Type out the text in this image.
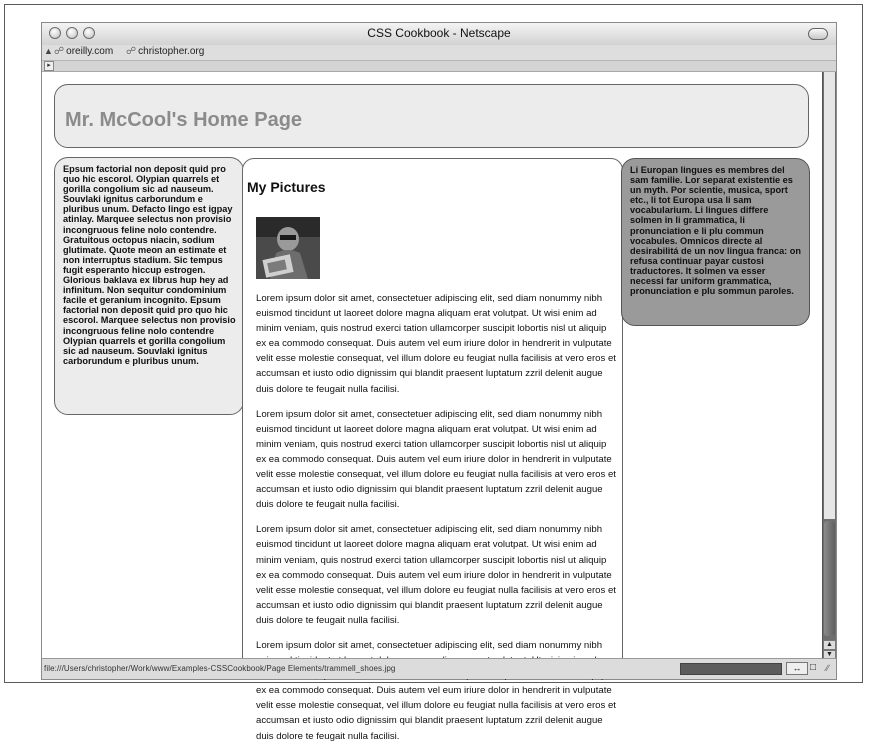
CSS Cookbook - Netscape
▲ ☍ oreilly.com ☍ christopher.org
▸
Mr. McCool's Home Page

Epsum factorial non deposit quid pro quo hic escorol. Olypian quarrels et gorilla congolium sic ad nauseum. Souvlaki ignitus carborundum e pluribus unum. Defacto lingo est igpay atinlay. Marquee selectus non provisio incongruous feline nolo contendre. Gratuitous octopus niacin, sodium glutimate. Quote meon an estimate et non interruptus stadium. Sic tempus fugit esperanto hiccup estrogen. Glorious baklava ex librus hup hey ad infinitum. Non sequitur condominium facile et geranium incognito. Epsum factorial non deposit quid pro quo hic escorol. Marquee selectus non provisio incongruous feline nolo contendre Olypian quarrels et gorilla congolium sic ad nauseum. Souvlaki ignitus carborundum e pluribus unum.

My Pictures

Lorem ipsum dolor sit amet, consectetuer adipiscing elit, sed diam nonummy nibh euismod tincidunt ut laoreet dolore magna aliquam erat volutpat. Ut wisi enim ad minim veniam, quis nostrud exerci tation ullamcorper suscipit lobortis nisl ut aliquip ex ea commodo consequat. Duis autem vel eum iriure dolor in hendrerit in vulputate velit esse molestie consequat, vel illum dolore eu feugiat nulla facilisis at vero eros et accumsan et iusto odio dignissim qui blandit praesent luptatum zzril delenit augue duis dolore te feugait nulla facilisi.

Lorem ipsum dolor sit amet, consectetuer adipiscing elit, sed diam nonummy nibh euismod tincidunt ut laoreet dolore magna aliquam erat volutpat. Ut wisi enim ad minim veniam, quis nostrud exerci tation ullamcorper suscipit lobortis nisl ut aliquip ex ea commodo consequat. Duis autem vel eum iriure dolor in hendrerit in vulputate velit esse molestie consequat, vel illum dolore eu feugiat nulla facilisis at vero eros et accumsan et iusto odio dignissim qui blandit praesent luptatum zzril delenit augue duis dolore te feugait nulla facilisi.

Lorem ipsum dolor sit amet, consectetuer adipiscing elit, sed diam nonummy nibh euismod tincidunt ut laoreet dolore magna aliquam erat volutpat. Ut wisi enim ad minim veniam, quis nostrud exerci tation ullamcorper suscipit lobortis nisl ut aliquip ex ea commodo consequat. Duis autem vel eum iriure dolor in hendrerit in vulputate velit esse molestie consequat, vel illum dolore eu feugiat nulla facilisis at vero eros et accumsan et iusto odio dignissim qui blandit praesent luptatum zzril delenit augue duis dolore te feugait nulla facilisi.

Lorem ipsum dolor sit amet, consectetuer adipiscing elit, sed diam nonummy nibh ex ea commodo consequat. Duis autem vel eum iriure dolor in hendrerit in vulputate velit esse molestie consequat, vel illum dolore eu feugiat nulla facilisis at vero eros et accumsan et iusto odio dignissim qui blandit praesent luptatum zzril delenit augue duis dolore te feugait nulla facilisi.

Li Europan lingues es membres del sam familie. Lor separat existentie es un myth. Por scientie, musica, sport etc., li tot Europa usa li sam vocabularium. Li lingues differe solmen in li grammatica, li pronunciation e li plu commun vocabules. Omnicos directe al desirabilitá de un nov lingua franca: on refusa continuar payar custosi traductores. It solmen va esser necessi far uniform grammatica, pronunciation e plu sommun paroles.

▲
▼
file:///Users/christopher/Work/www/Examples-CSSCookbook/Page Elements/trammell_shoes.jpg	↔ □ ∕∕
